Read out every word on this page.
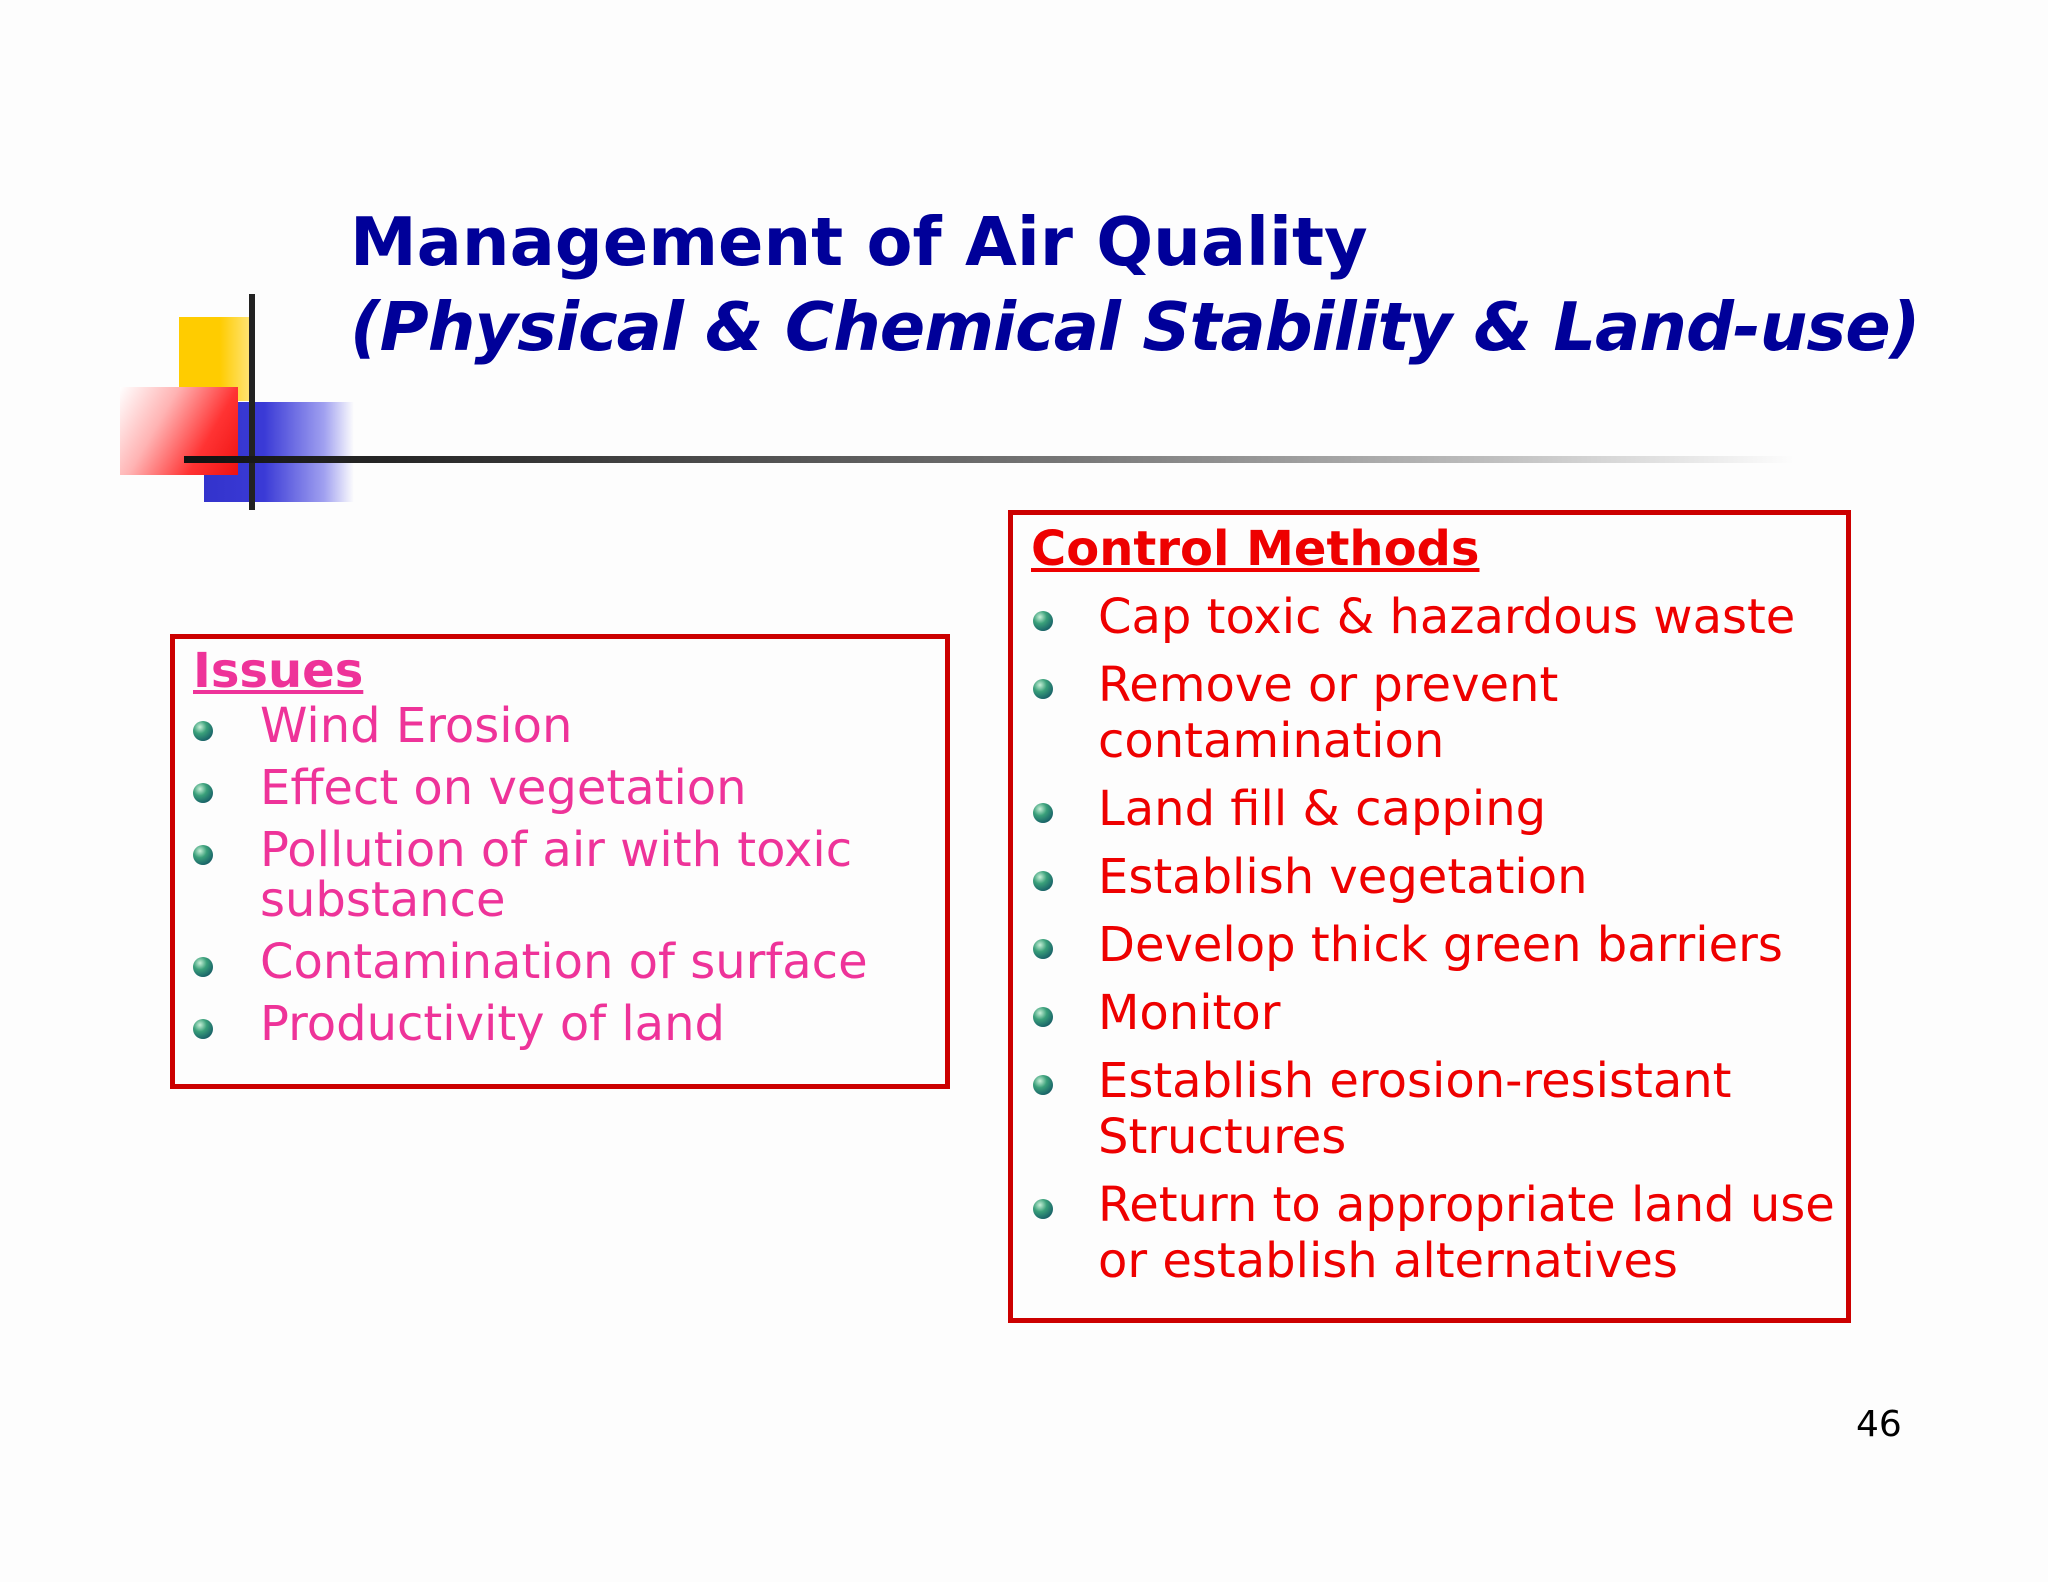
Management of Air Quality
(Physical & Chemical Stability & Land-use)
Issues
Wind Erosion
Effect on vegetation
Pollution of air with toxic substance
Contamination of surface
Productivity of land
Control Methods
Cap toxic & hazardous waste
Remove or prevent contamination
Land fill & capping
Establish vegetation
Develop thick green barriers
Monitor
Establish erosion-resistant Structures
Return to appropriate land use or establish alternatives
46
